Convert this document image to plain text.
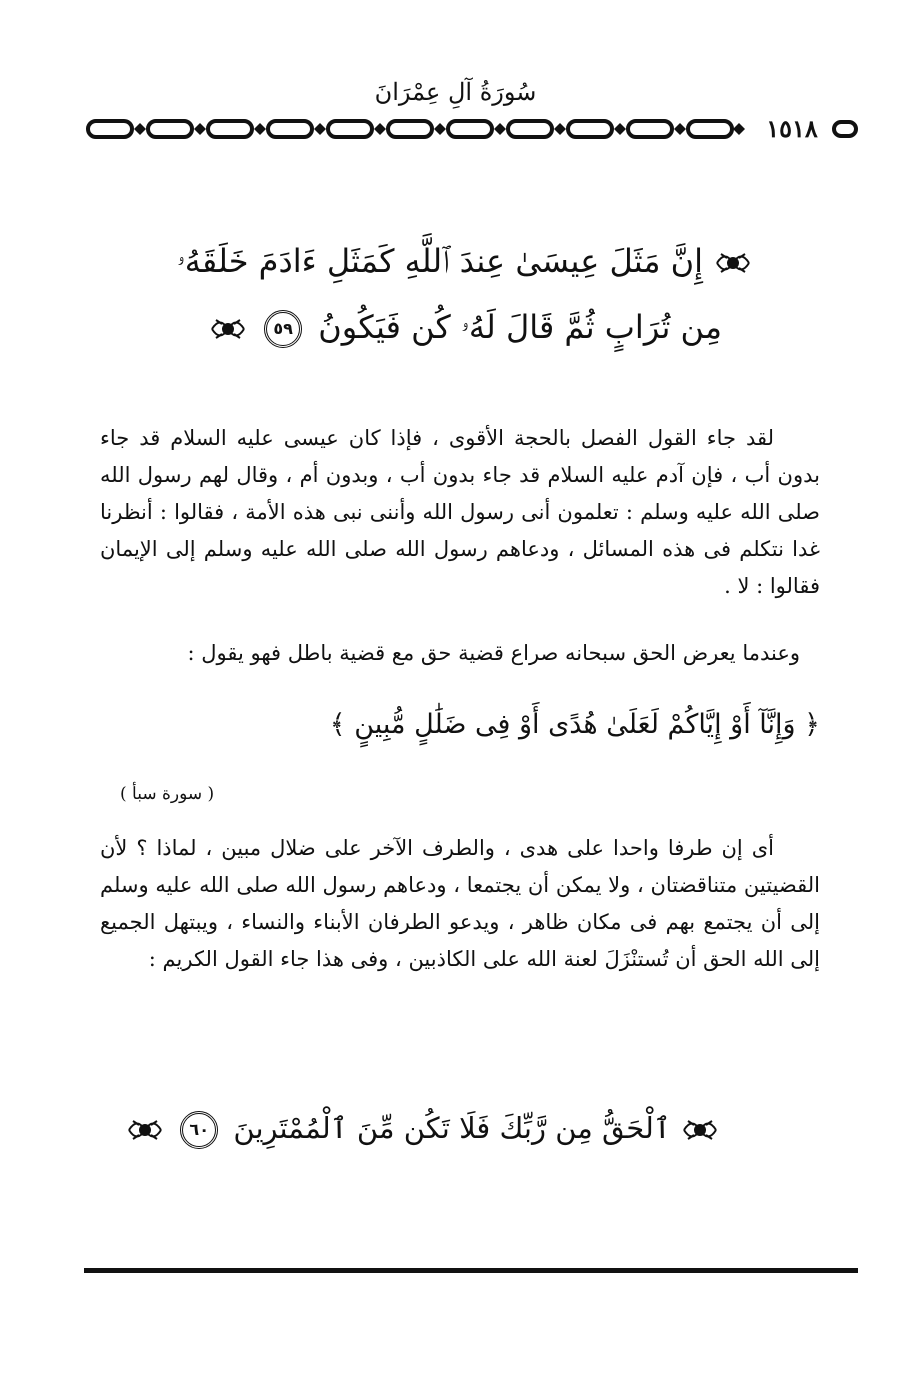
سُورَةُ آلِ عِمْرَانَ
١٥١٨
إِنَّ مَثَلَ عِيسَىٰ عِندَ ٱللَّهِ كَمَثَلِ ءَادَمَ خَلَقَهُۥ
مِن تُرَابٍ ثُمَّ قَالَ لَهُۥ كُن فَيَكُونُ ٥٩
لقد جاء القول الفصل بالحجة الأقوى ، فإذا كان عيسى عليه السلام قد جاء بدون أب ، فإن آدم عليه السلام قد جاء بدون أب ، وبدون أم ، وقال لهم رسول الله صلى الله عليه وسلم : تعلمون أنى رسول الله وأننى نبى هذه الأمة ، فقالوا : أنظرنا غدا نتكلم فى هذه المسائل ، ودعاهم رسول الله صلى الله عليه وسلم إلى الإيمان فقالوا : لا .
وعندما يعرض الحق سبحانه صراع قضية حق مع قضية باطل فهو يقول :
﴿ وَإِنَّآ أَوْ إِيَّاكُمْ لَعَلَىٰ هُدًى أَوْ فِى ضَلَٰلٍ مُّبِينٍ ﴾
( سورة سبأ )
أى إن طرفا واحدا على هدى ، والطرف الآخر على ضلال مبين ، لماذا ؟ لأن القضيتين متناقضتان ، ولا يمكن أن يجتمعا ، ودعاهم رسول الله صلى الله عليه وسلم إلى أن يجتمع بهم فى مكان ظاهر ، ويدعو الطرفان الأبناء والنساء ، ويبتهل الجميع إلى الله الحق أن تُستنْزَلَ لعنة الله على الكاذبين ، وفى هذا جاء القول الكريم :
ٱلْحَقُّ مِن رَّبِّكَ فَلَا تَكُن مِّنَ ٱلْمُمْتَرِينَ ٦٠
